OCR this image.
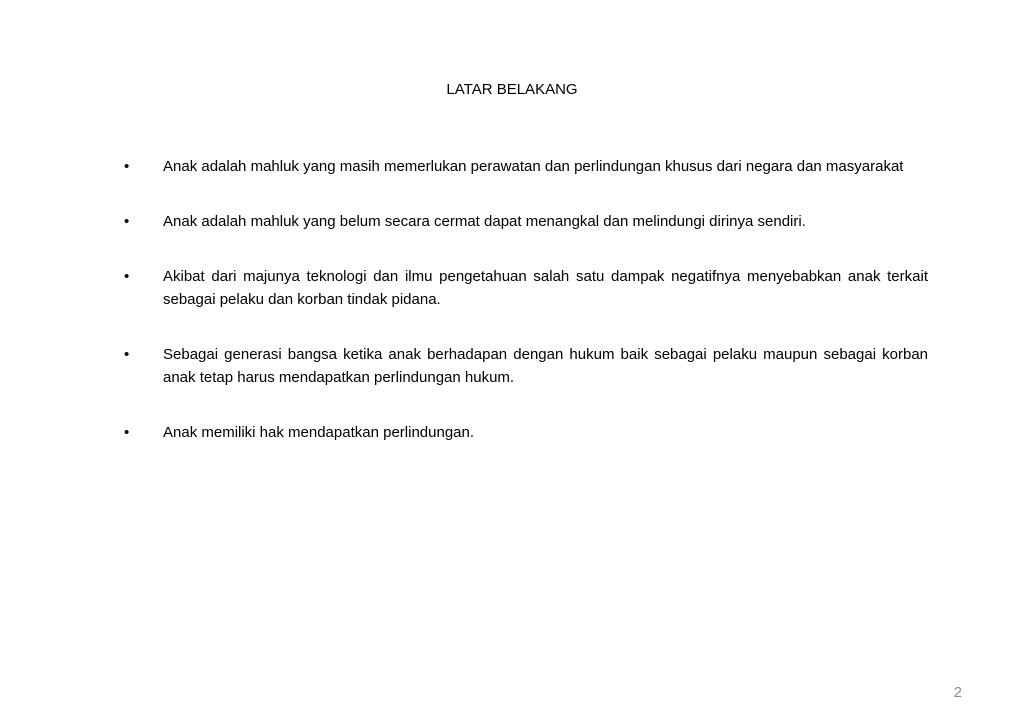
LATAR BELAKANG
• Anak adalah mahluk yang masih memerlukan perawatan dan perlindungan khusus dari negara dan masyarakat
• Anak adalah mahluk yang belum secara cermat dapat menangkal dan melindungi dirinya sendiri.
• Akibat dari majunya teknologi dan ilmu pengetahuan salah satu dampak negatifnya menyebabkan anak terkait sebagai pelaku dan korban tindak pidana.
• Sebagai generasi bangsa ketika anak berhadapan dengan hukum baik sebagai pelaku maupun sebagai korban anak tetap harus mendapatkan perlindungan hukum.
• Anak memiliki hak mendapatkan perlindungan.
2
